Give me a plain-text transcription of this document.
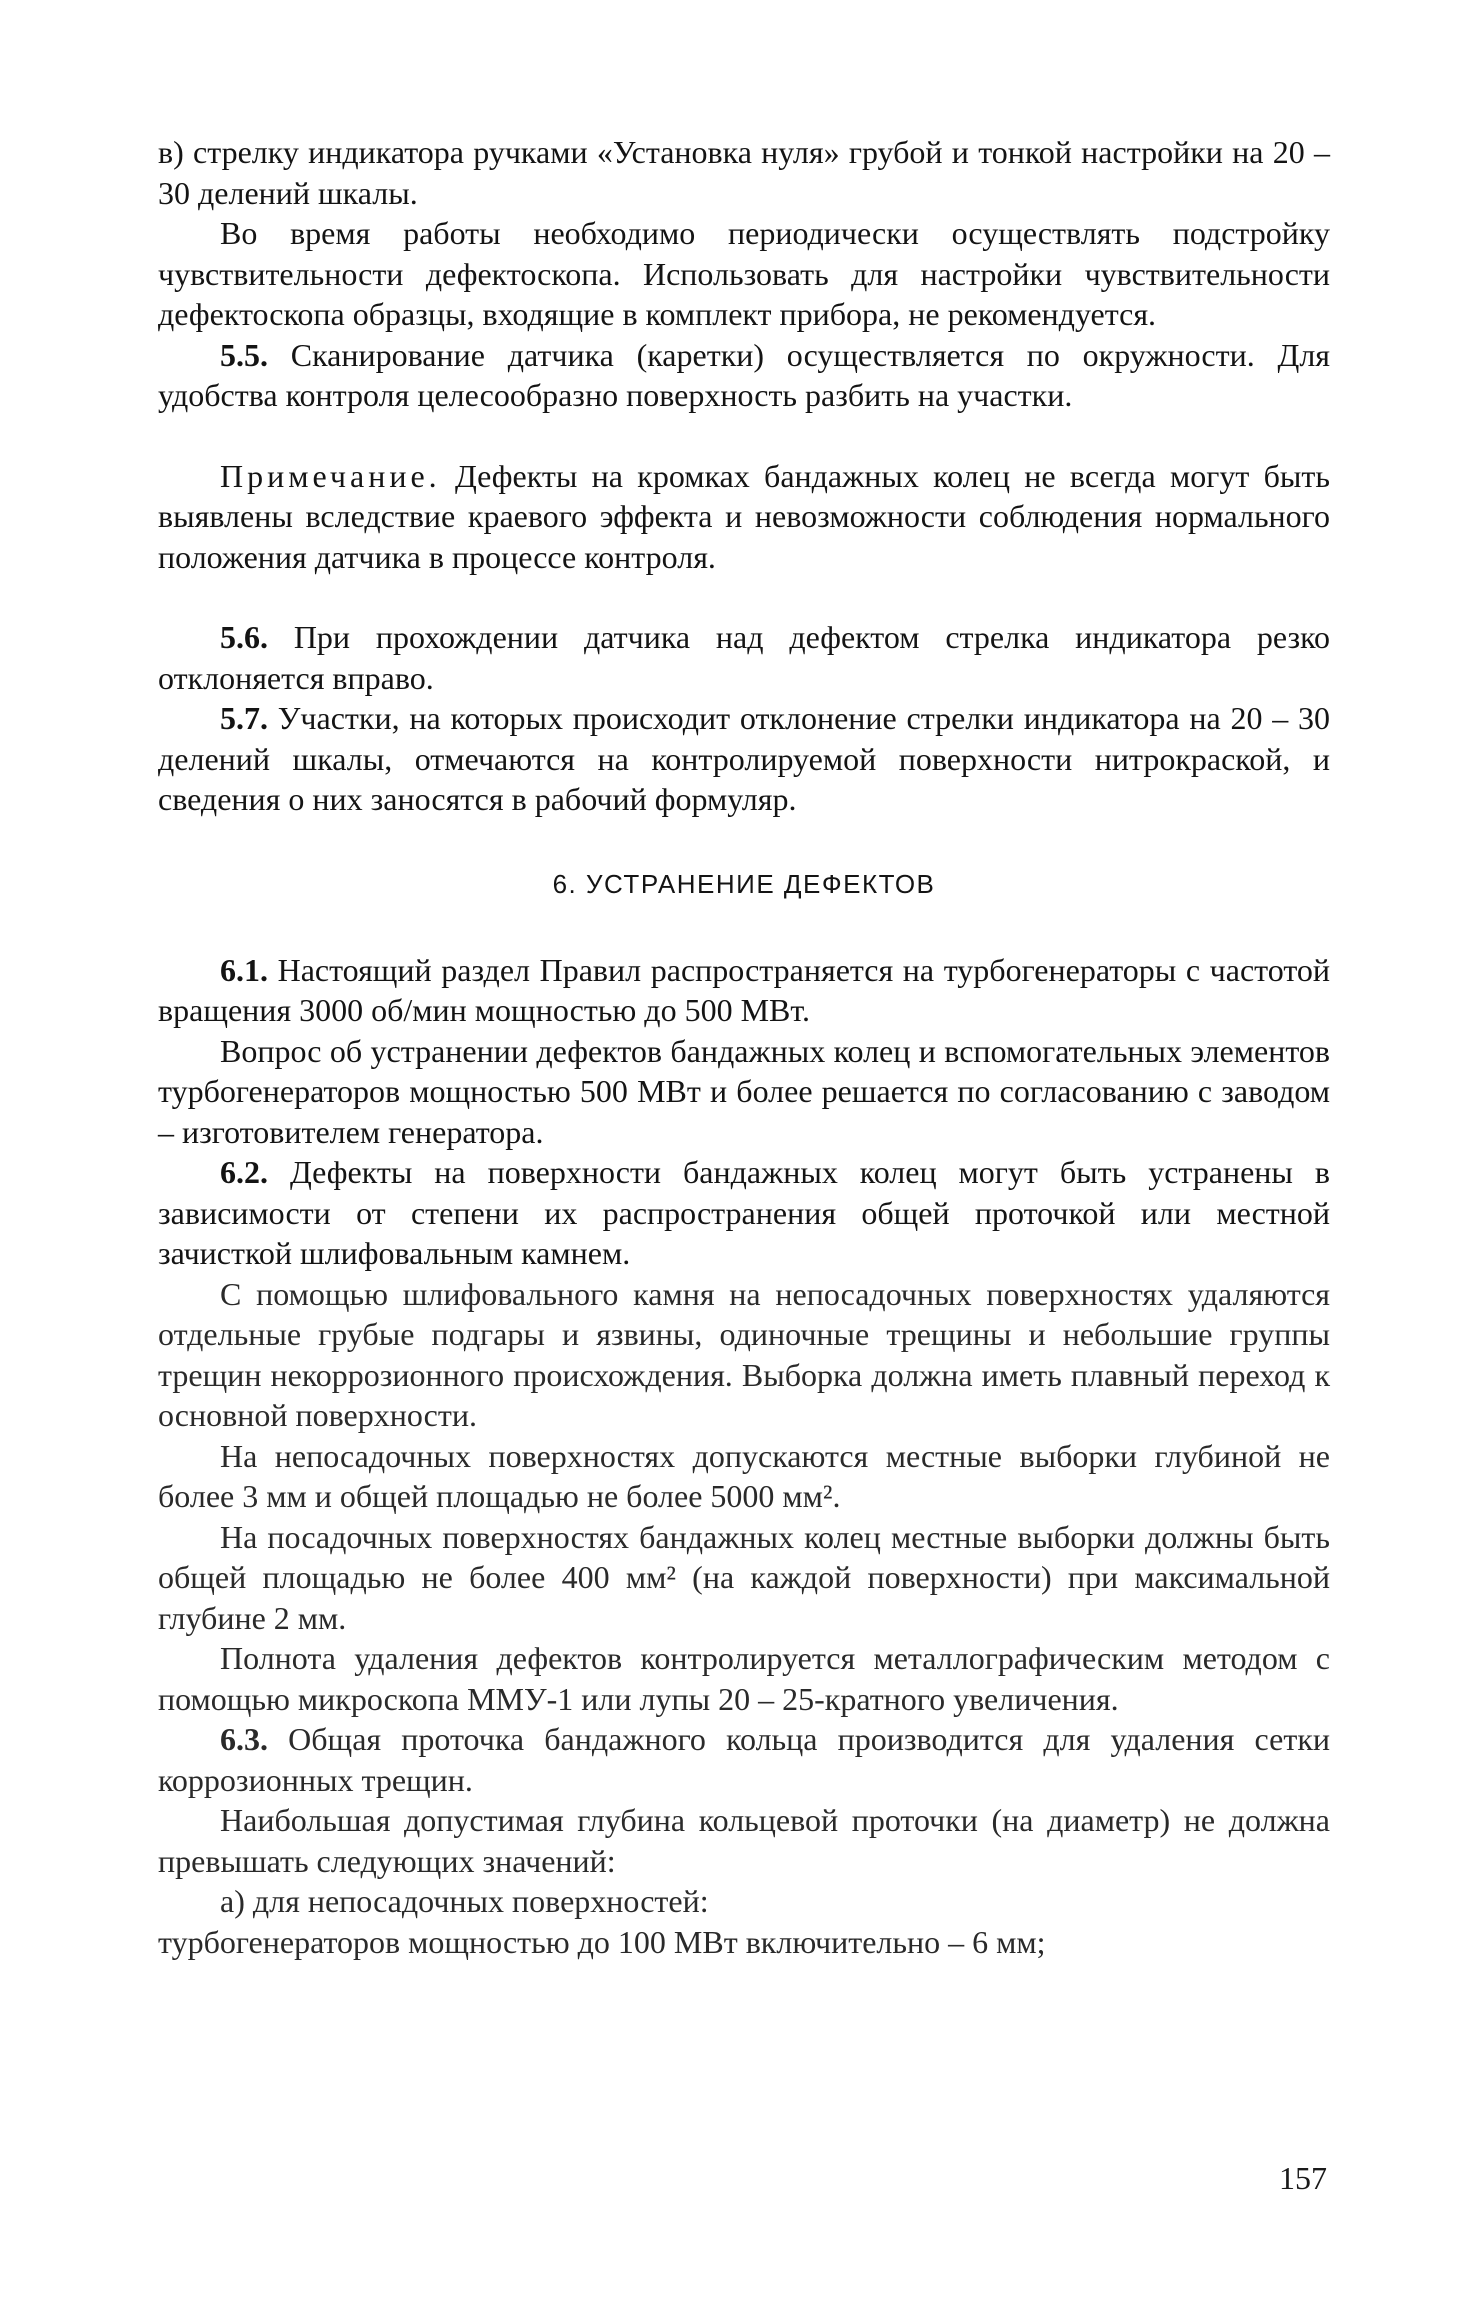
в) стрелку индикатора ручками «Установка нуля» грубой и тонкой настройки на 20 – 30 делений шкалы.

Во время работы необходимо периодически осуществлять подстройку чувствительности дефектоскопа. Использовать для настройки чувствительности дефектоскопа образцы, входящие в комплект прибора, не рекомендуется.

5.5. Сканирование датчика (каретки) осуществляется по окружности. Для удобства контроля целесообразно поверхность разбить на участки.

Примечание. Дефекты на кромках бандажных колец не всегда могут быть выявлены вследствие краевого эффекта и невозможности соблюдения нормального положения датчика в процессе контроля.

5.6. При прохождении датчика над дефектом стрелка индикатора резко отклоняется вправо.

5.7. Участки, на которых происходит отклонение стрелки индикатора на 20 – 30 делений шкалы, отмечаются на контролируемой поверхности нитрокраской, и сведения о них заносятся в рабочий формуляр.

6. УСТРАНЕНИЕ ДЕФЕКТОВ

6.1. Настоящий раздел Правил распространяется на турбогенераторы с частотой вращения 3000 об/мин мощностью до 500 МВт.

Вопрос об устранении дефектов бандажных колец и вспомогательных элементов турбогенераторов мощностью 500 МВт и более решается по согласованию с заводом – изготовителем генератора.

6.2. Дефекты на поверхности бандажных колец могут быть устранены в зависимости от степени их распространения общей проточкой или местной зачисткой шлифовальным камнем.

С помощью шлифовального камня на непосадочных поверхностях удаляются отдельные грубые подгары и язвины, одиночные трещины и небольшие группы трещин некоррозионного происхождения. Выборка должна иметь плавный переход к основной поверхности.

На непосадочных поверхностях допускаются местные выборки глубиной не более 3 мм и общей площадью не более 5000 мм².

На посадочных поверхностях бандажных колец местные выборки должны быть общей площадью не более 400 мм² (на каждой поверхности) при максимальной глубине 2 мм.

Полнота удаления дефектов контролируется металлографическим методом с помощью микроскопа ММУ-1 или лупы 20 – 25-кратного увеличения.

6.3. Общая проточка бандажного кольца производится для удаления сетки коррозионных трещин.

Наибольшая допустимая глубина кольцевой проточки (на диаметр) не должна превышать следующих значений:

а) для непосадочных поверхностей:

турбогенераторов мощностью до 100 МВт включительно – 6 мм;

157
